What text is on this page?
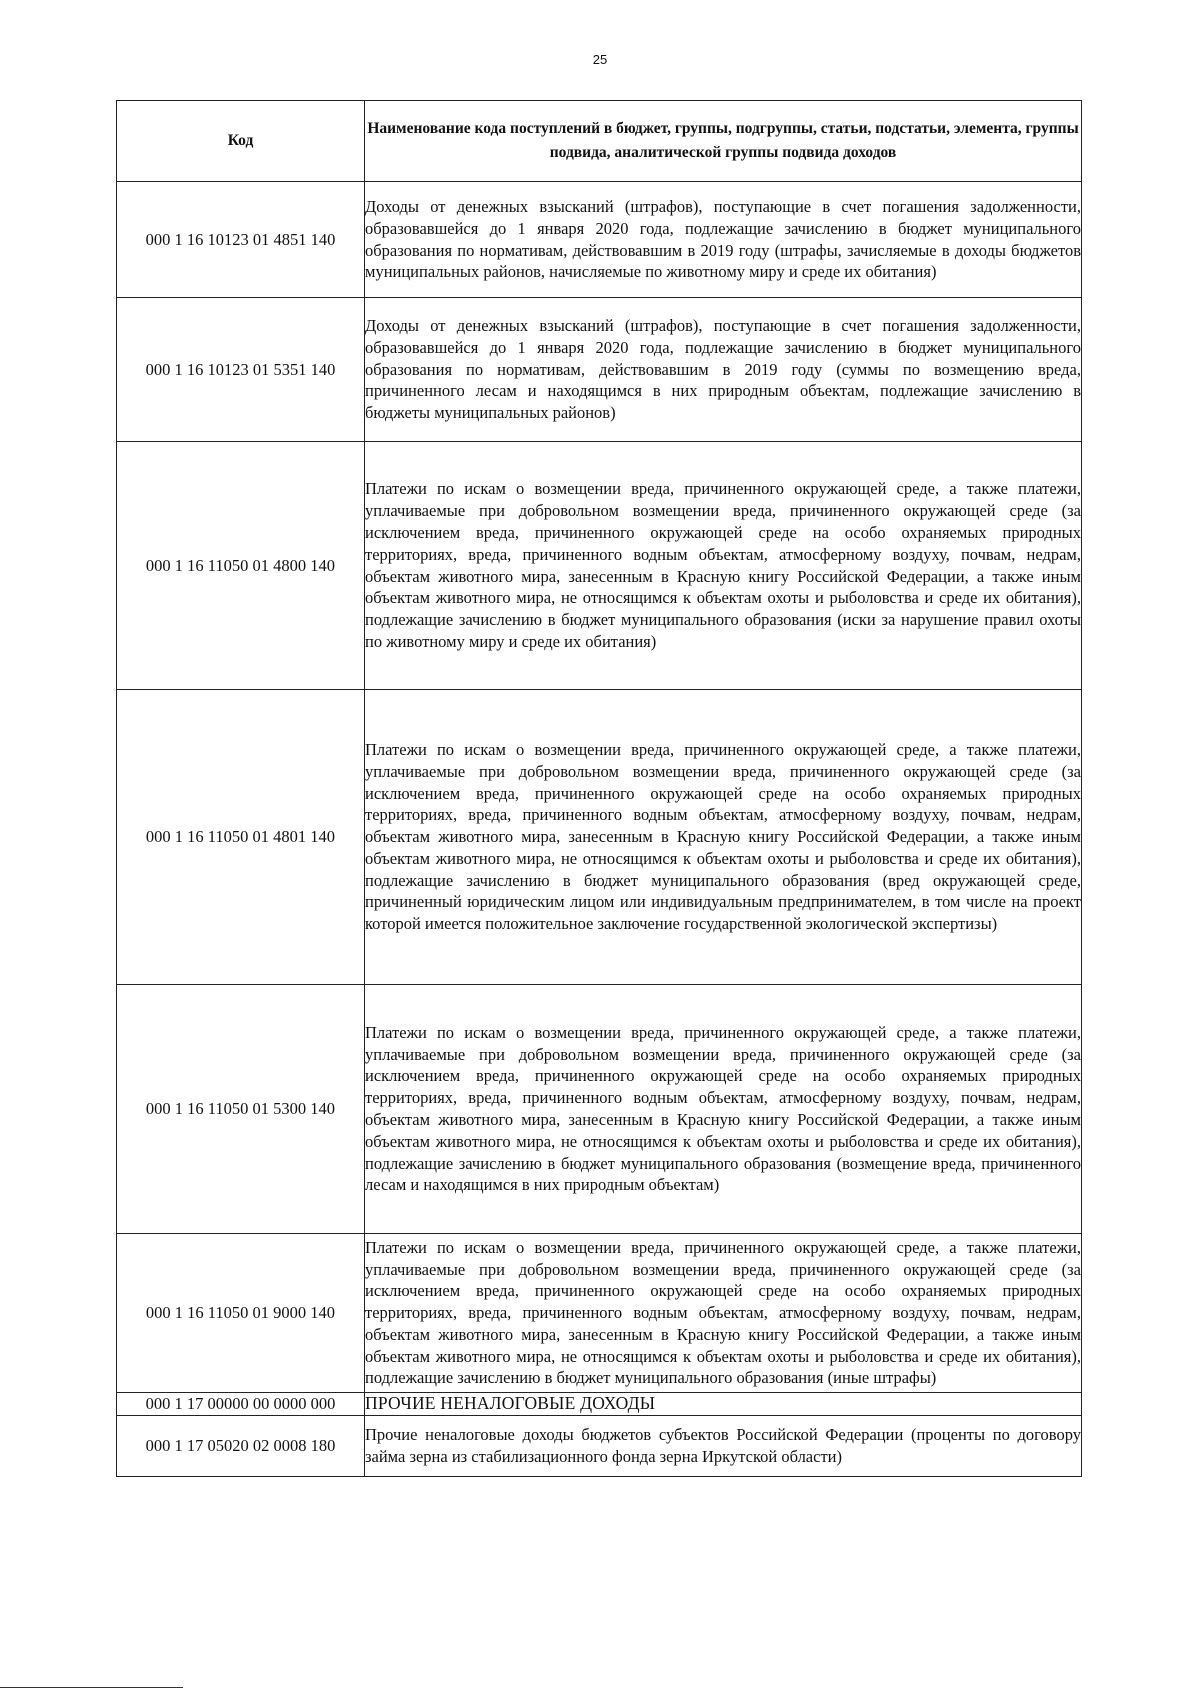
25
Код	Наименование кода поступлений в бюджет, группы, подгруппы, статьи, подстатьи, элемента, группы подвида, аналитической группы подвида доходов
000 1 16 10123 01 4851 140	Доходы от денежных взысканий (штрафов), поступающие в счет погашения задолженности, образовавшейся до 1 января 2020 года, подлежащие зачислению в бюджет муниципального образования по нормативам, действовавшим в 2019 году (штрафы, зачисляемые в доходы бюджетов муниципальных районов, начисляемые по животному миру и среде их обитания)
000 1 16 10123 01 5351 140	Доходы от денежных взысканий (штрафов), поступающие в счет погашения задолженности, образовавшейся до 1 января 2020 года, подлежащие зачислению в бюджет муниципального образования по нормативам, действовавшим в 2019 году (суммы по возмещению вреда, причиненного лесам и находящимся в них природным объектам, подлежащие зачислению в бюджеты муниципальных районов)
000 1 16 11050 01 4800 140	Платежи по искам о возмещении вреда, причиненного окружающей среде, а также платежи, уплачиваемые при добровольном возмещении вреда, причиненного окружающей среде (за исключением вреда, причиненного окружающей среде на особо охраняемых природных территориях, вреда, причиненного водным объектам, атмосферному воздуху, почвам, недрам, объектам животного мира, занесенным в Красную книгу Российской Федерации, а также иным объектам животного мира, не относящимся к объектам охоты и рыболовства и среде их обитания), подлежащие зачислению в бюджет муниципального образования (иски за нарушение правил охоты по животному миру и среде их обитания)
000 1 16 11050 01 4801 140	Платежи по искам о возмещении вреда, причиненного окружающей среде, а также платежи, уплачиваемые при добровольном возмещении вреда, причиненного окружающей среде (за исключением вреда, причиненного окружающей среде на особо охраняемых природных территориях, вреда, причиненного водным объектам, атмосферному воздуху, почвам, недрам, объектам животного мира, занесенным в Красную книгу Российской Федерации, а также иным объектам животного мира, не относящимся к объектам охоты и рыболовства и среде их обитания), подлежащие зачислению в бюджет муниципального образования (вред окружающей среде, причиненный юридическим лицом или индивидуальным предпринимателем, в том числе на проект которой имеется положительное заключение государственной экологической экспертизы)
000 1 16 11050 01 5300 140	Платежи по искам о возмещении вреда, причиненного окружающей среде, а также платежи, уплачиваемые при добровольном возмещении вреда, причиненного окружающей среде (за исключением вреда, причиненного окружающей среде на особо охраняемых природных территориях, вреда, причиненного водным объектам, атмосферному воздуху, почвам, недрам, объектам животного мира, занесенным в Красную книгу Российской Федерации, а также иным объектам животного мира, не относящимся к объектам охоты и рыболовства и среде их обитания), подлежащие зачислению в бюджет муниципального образования (возмещение вреда, причиненного лесам и находящимся в них природным объектам)
000 1 16 11050 01 9000 140	Платежи по искам о возмещении вреда, причиненного окружающей среде, а также платежи, уплачиваемые при добровольном возмещении вреда, причиненного окружающей среде (за исключением вреда, причиненного окружающей среде на особо охраняемых природных территориях, вреда, причиненного водным объектам, атмосферному воздуху, почвам, недрам, объектам животного мира, занесенным в Красную книгу Российской Федерации, а также иным объектам животного мира, не относящимся к объектам охоты и рыболовства и среде их обитания), подлежащие зачислению в бюджет муниципального образования (иные штрафы)
000 1 17 00000 00 0000 000	ПРОЧИЕ НЕНАЛОГОВЫЕ ДОХОДЫ
000 1 17 05020 02 0008 180	Прочие неналоговые доходы бюджетов субъектов Российской Федерации (проценты по договору займа зерна из стабилизационного фонда зерна Иркутской области)
